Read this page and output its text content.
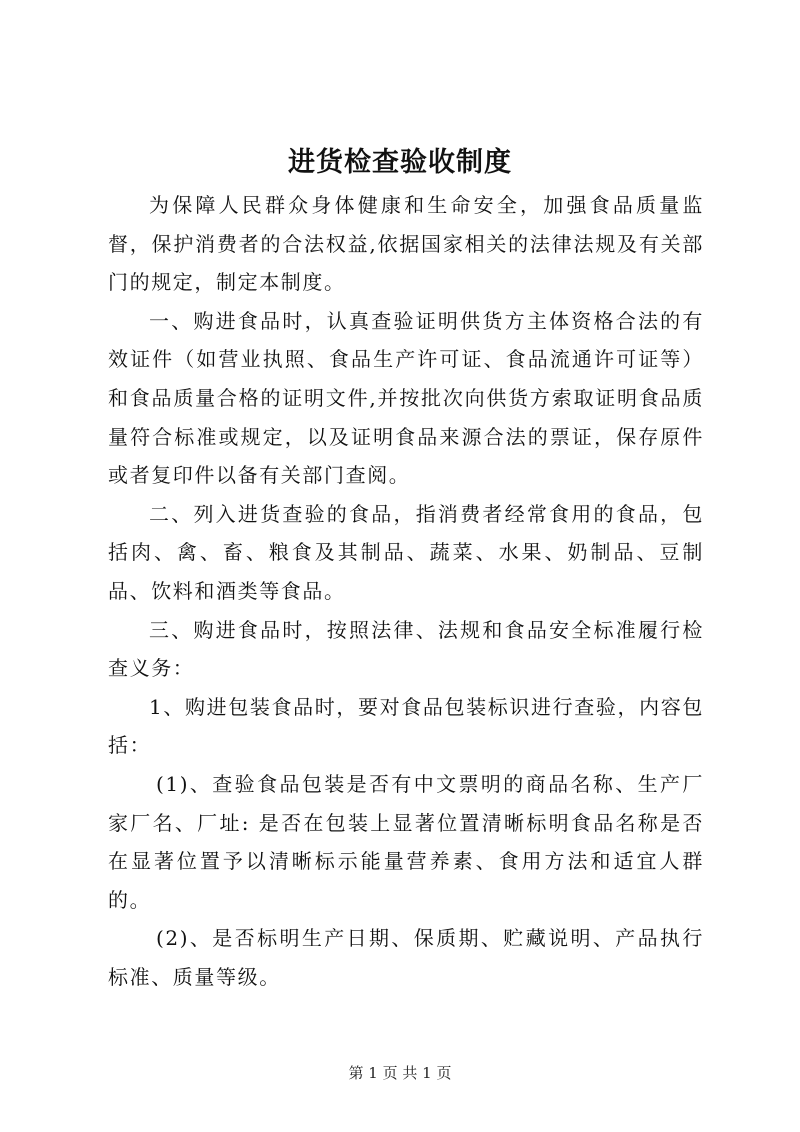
进货检查验收制度

为保障人民群众身体健康和生命安全，加强食品质量监督，保护消费者的合法权益,依据国家相关的法律法规及有关部门的规定，制定本制度。

一、购进食品时，认真查验证明供货方主体资格合法的有效证件（如营业执照、食品生产许可证、食品流通许可证等）和食品质量合格的证明文件,并按批次向供货方索取证明食品质量符合标准或规定，以及证明食品来源合法的票证，保存原件或者复印件以备有关部门查阅。

二、列入进货查验的食品，指消费者经常食用的食品，包括肉、禽、畜、粮食及其制品、蔬菜、水果、奶制品、豆制品、饮料和酒类等食品。

三、购进食品时，按照法律、法规和食品安全标准履行检查义务：

1、购进包装食品时，要对食品包装标识进行查验，内容包括：

(1)、查验食品包装是否有中文票明的商品名称、生产厂家厂名、厂址: 是否在包装上显著位置清晰标明食品名称是否在显著位置予以清晰标示能量营养素、食用方法和适宜人群的。

(2)、是否标明生产日期、保质期、贮藏说明、产品执行标准、质量等级。

第 1 页 共 1 页
